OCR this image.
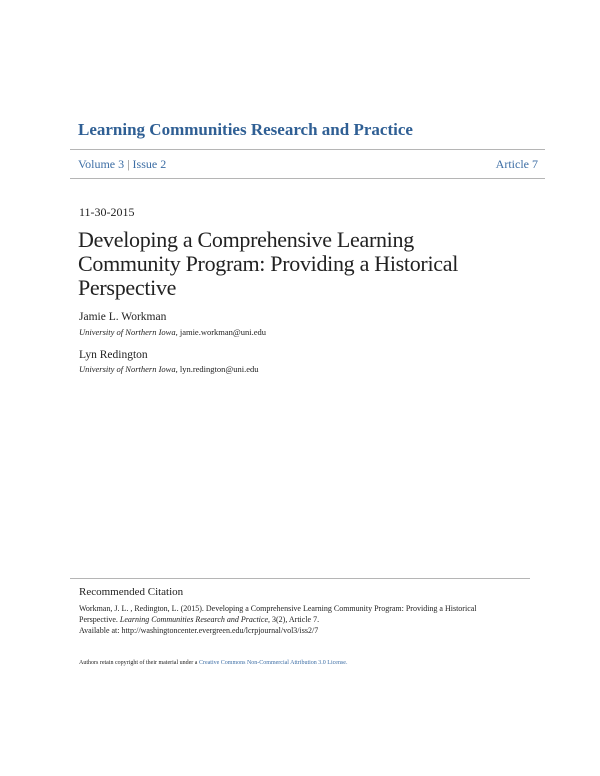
Learning Communities Research and Practice
Volume 3 | Issue 2	Article 7
11-30-2015
Developing a Comprehensive Learning
Community Program: Providing a Historical
Perspective
Jamie L. Workman
University of Northern Iowa, jamie.workman@uni.edu
Lyn Redington
University of Northern Iowa, lyn.redington@uni.edu
Recommended Citation
Workman, J. L. , Redington, L. (2015). Developing a Comprehensive Learning Community Program: Providing a Historical
Perspective. Learning Communities Research and Practice, 3(2), Article 7.
Available at: http://washingtoncenter.evergreen.edu/lcrpjournal/vol3/iss2/7
Authors retain copyright of their material under a Creative Commons Non-Commercial Attribution 3.0 License.
